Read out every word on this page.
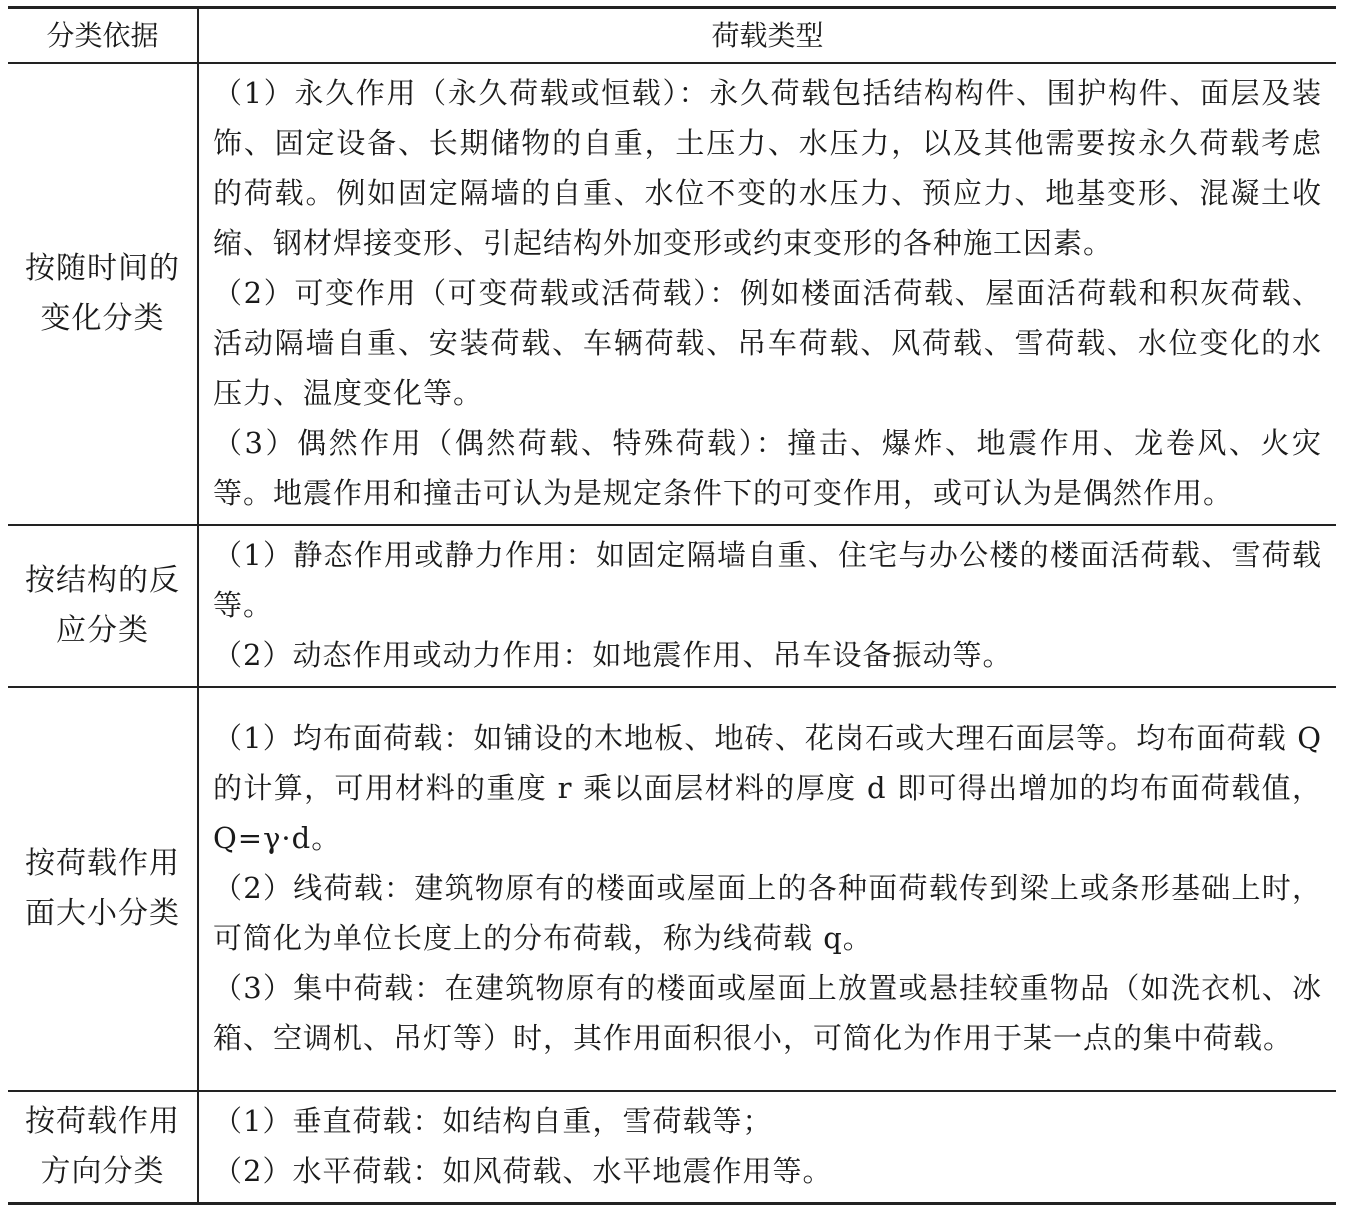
分类依据	荷载类型
按随时间的变化分类	（1）永久作用（永久荷载或恒载）：永久荷载包括结构构件、围护构件、面层及装饰、固定设备、长期储物的自重，土压力、水压力，以及其他需要按永久荷载考虑的荷载。例如固定隔墙的自重、水位不变的水压力、预应力、地基变形、混凝土收缩、钢材焊接变形、引起结构外加变形或约束变形的各种施工因素。
（2）可变作用（可变荷载或活荷载）：例如楼面活荷载、屋面活荷载和积灰荷载、活动隔墙自重、安装荷载、车辆荷载、吊车荷载、风荷载、雪荷载、水位变化的水压力、温度变化等。
（3）偶然作用（偶然荷载、特殊荷载）：撞击、爆炸、地震作用、龙卷风、火灾等。地震作用和撞击可认为是规定条件下的可变作用，或可认为是偶然作用。

按结构的反应分类	（1）静态作用或静力作用：如固定隔墙自重、住宅与办公楼的楼面活荷载、雪荷载等。
（2）动态作用或动力作用：如地震作用、吊车设备振动等。

按荷载作用面大小分类	（1）均布面荷载：如铺设的木地板、地砖、花岗石或大理石面层等。均布面荷载 Q 的计算，可用材料的重度 r 乘以面层材料的厚度 d 即可得出增加的均布面荷载值，Q=γ·d。
（2）线荷载：建筑物原有的楼面或屋面上的各种面荷载传到梁上或条形基础上时，可简化为单位长度上的分布荷载，称为线荷载 q。
（3）集中荷载：在建筑物原有的楼面或屋面上放置或悬挂较重物品（如洗衣机、冰箱、空调机、吊灯等）时，其作用面积很小，可简化为作用于某一点的集中荷载。

按荷载作用方向分类	（1）垂直荷载：如结构自重，雪荷载等；
（2）水平荷载：如风荷载、水平地震作用等。
